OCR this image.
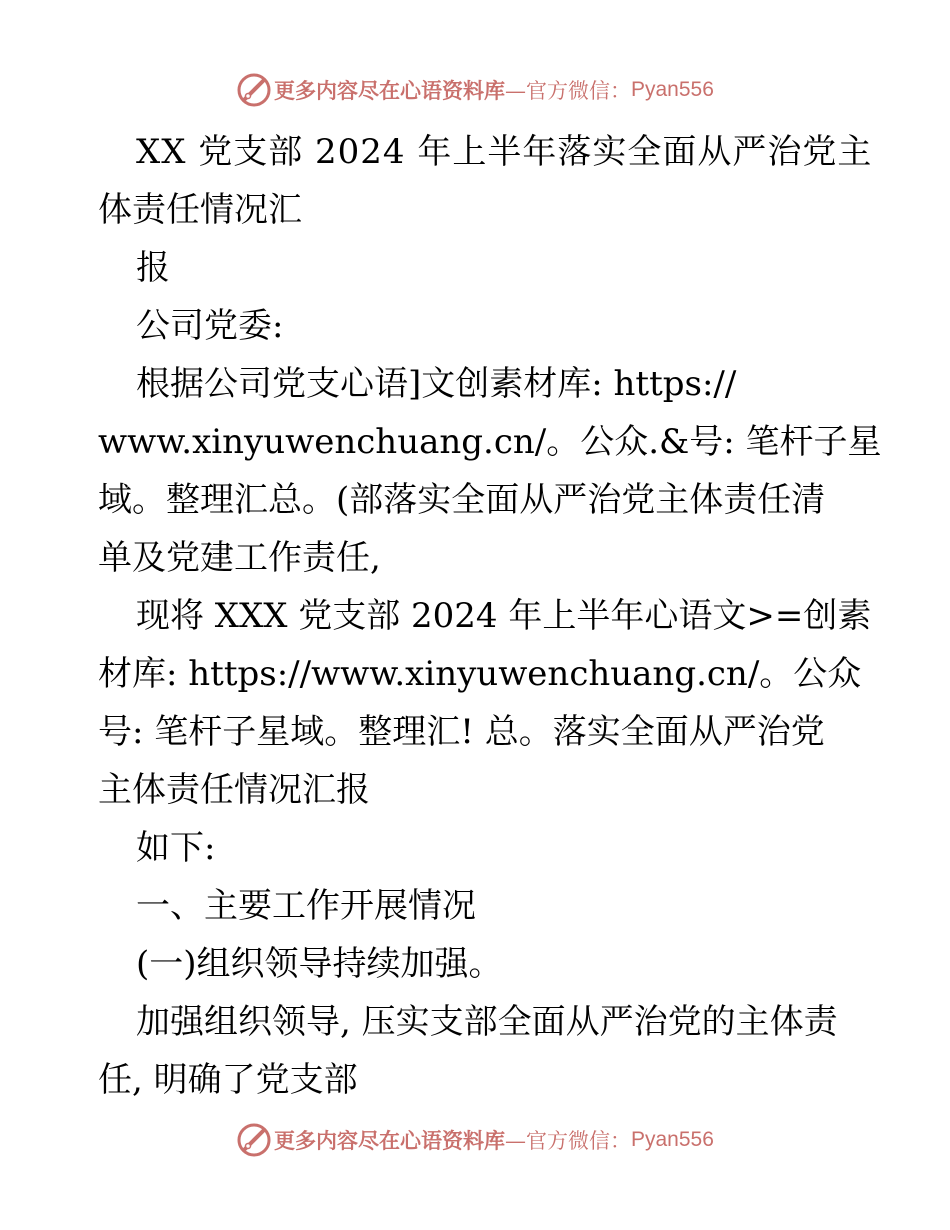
更多内容尽在心语资料库 —官方微信： Pyan556

XX 党支部 2024 年上半年落实全面从严治党主

体责任情况汇

报

公司党委:

根据公司党支心语]文创素材库: https://

www.xinyuwenchuang.cn/。公众.&号: 笔杆子星

域。整理汇总。(部落实全面从严治党主体责任清

单及党建工作责任,

现将 XXX 党支部 2024 年上半年心语文>=创素

材库: https://www.xinyuwenchuang.cn/。公众

号: 笔杆子星域。整理汇! 总。落实全面从严治党

主体责任情况汇报

如下:

一、主要工作开展情况

(一)组织领导持续加强。

加强组织领导, 压实支部全面从严治党的主体责

任, 明确了党支部

更多内容尽在心语资料库 —官方微信： Pyan556
